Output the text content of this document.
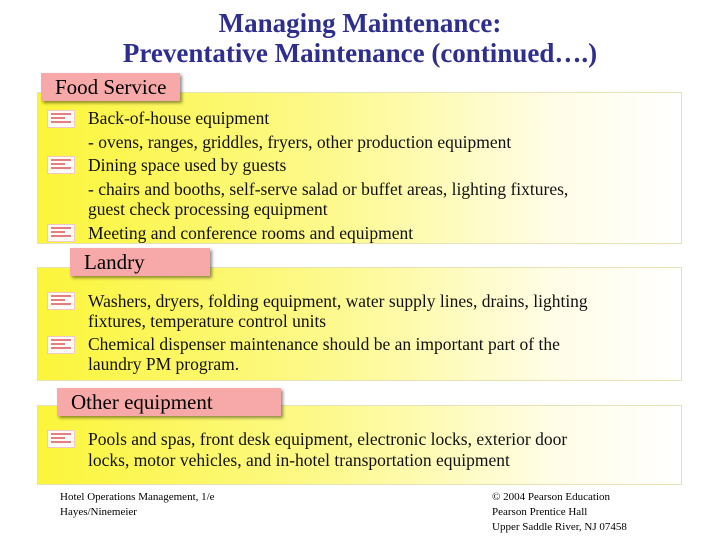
Managing Maintenance:
Preventative Maintenance (continued….)
Food Service
Back-of-house equipment
- ovens, ranges, griddles, fryers, other production equipment
Dining space used by guests
- chairs and booths, self-serve salad or buffet areas, lighting fixtures,
guest check processing equipment
Meeting and conference rooms and equipment
Landry
Washers, dryers, folding equipment, water supply lines, drains, lighting
fixtures, temperature control units
Chemical dispenser maintenance should be an important part of the
laundry PM program.
Other equipment
Pools and spas, front desk equipment, electronic locks, exterior door
locks, motor vehicles, and in-hotel transportation equipment
Hotel Operations Management, 1/e
Hayes/Ninemeier
© 2004 Pearson Education
Pearson Prentice Hall
Upper Saddle River, NJ 07458
